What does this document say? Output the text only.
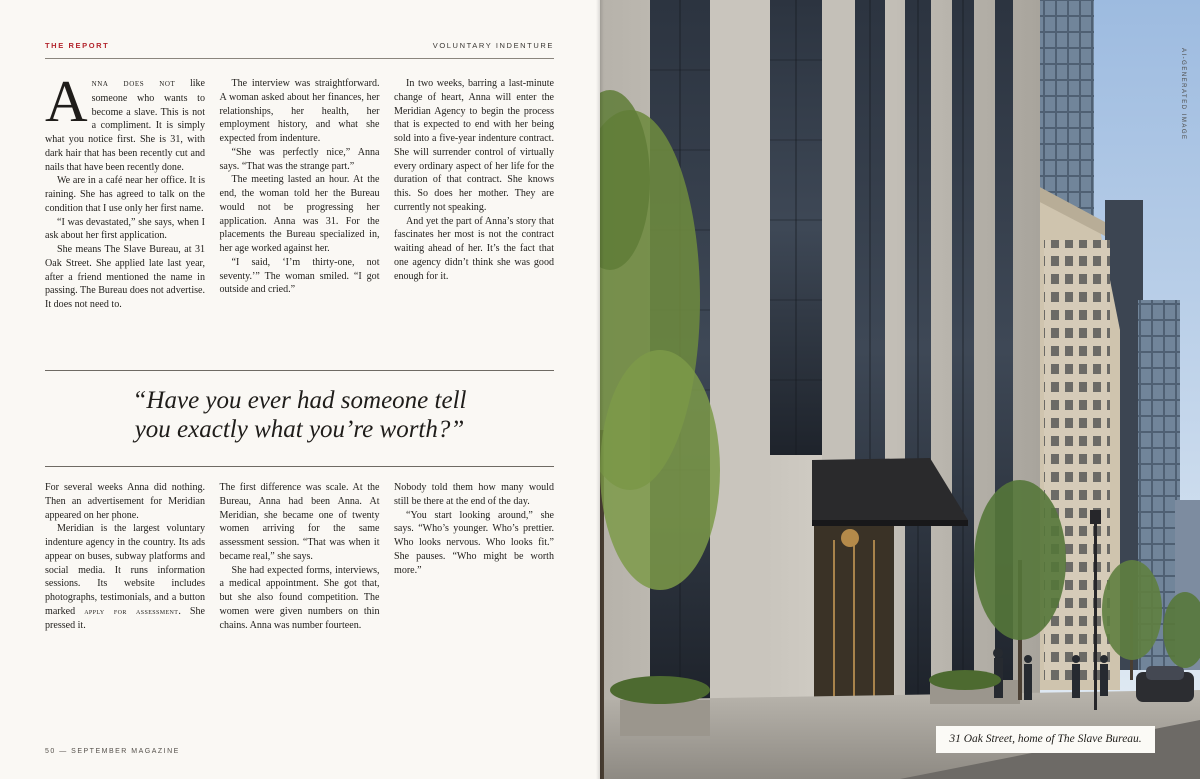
THE REPORT	VOLUNTARY INDENTURE

Anna does not like someone who wants to become a slave. This is not a compliment. It is simply what you notice first. She is 31, with dark hair that has been recently cut and nails that have been recently done.

We are in a café near her office. It is raining. She has agreed to talk on the condition that I use only her first name.

“I was devastated,” she says, when I ask about her first application.

She means The Slave Bureau, at 31 Oak Street. She applied late last year, after a friend mentioned the name in passing. The Bureau does not advertise. It does not need to.

The interview was straightforward. A woman asked about her finances, her relationships, her health, her employment history, and what she expected from indenture.

“She was perfectly nice,” Anna says. “That was the strange part.”

The meeting lasted an hour. At the end, the woman told her the Bureau would not be progressing her application. Anna was 31. For the placements the Bureau specialized in, her age worked against her.

“I said, ‘I’m thirty-one, not seventy.’” The woman smiled. “I got outside and cried.”

In two weeks, barring a last-minute change of heart, Anna will enter the Meridian Agency to begin the process that is expected to end with her being sold into a five-year indenture contract. She will surrender control of virtually every ordinary aspect of her life for the duration of that contract. She knows this. So does her mother. They are currently not speaking.

And yet the part of Anna’s story that fascinates her most is not the contract waiting ahead of her. It’s the fact that one agency didn’t think she was good enough for it.

“Have you ever had someone tell
you exactly what you’re worth?”

For several weeks Anna did nothing. Then an advertisement for Meridian appeared on her phone.

Meridian is the largest voluntary indenture agency in the country. Its ads appear on buses, subway platforms and social media. It runs information sessions. Its website includes photographs, testimonials, and a button marked apply for assessment. She pressed it.

The first difference was scale. At the Bureau, Anna had been Anna. At Meridian, she became one of twenty women arriving for the same assessment session. “That was when it became real,” she says.

She had expected forms, interviews, a medical appointment. She got that, but she also found competition. The women were given numbers on thin chains. Anna was number fourteen.

Nobody told them how many would still be there at the end of the day.

“You start looking around,” she says. “Who’s younger. Who’s prettier. Who looks nervous. Who looks fit.” She pauses. “Who might be worth more.”

50 — SEPTEMBER MAGAZINE
AI-GENERATED IMAGE
31 Oak Street, home of The Slave Bureau.
